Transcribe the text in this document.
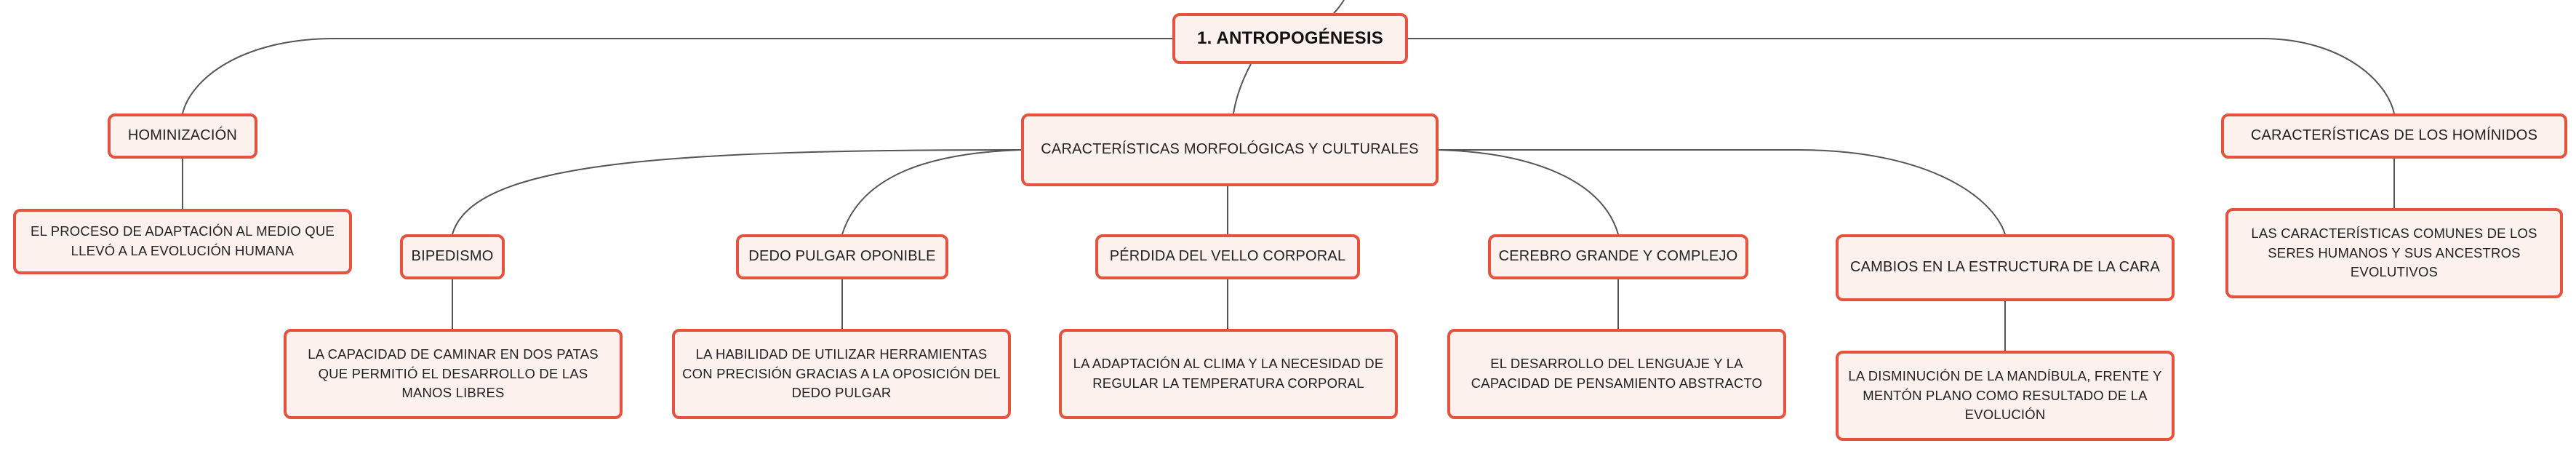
1. ANTROPOGÉNESIS
HOMINIZACIÓN
EL PROCESO DE ADAPTACIÓN AL MEDIO QUE LLEVÓ A LA EVOLUCIÓN HUMANA
CARACTERÍSTICAS MORFOLÓGICAS Y CULTURALES
CARACTERÍSTICAS DE LOS HOMÍNIDOS
LAS CARACTERÍSTICAS COMUNES DE LOS SERES HUMANOS Y SUS ANCESTROS EVOLUTIVOS
BIPEDISMO
LA CAPACIDAD DE CAMINAR EN DOS PATAS QUE PERMITIÓ EL DESARROLLO DE LAS MANOS LIBRES
DEDO PULGAR OPONIBLE
LA HABILIDAD DE UTILIZAR HERRAMIENTAS CON PRECISIÓN GRACIAS A LA OPOSICIÓN DEL DEDO PULGAR
PÉRDIDA DEL VELLO CORPORAL
LA ADAPTACIÓN AL CLIMA Y LA NECESIDAD DE REGULAR LA TEMPERATURA CORPORAL
CEREBRO GRANDE Y COMPLEJO
EL DESARROLLO DEL LENGUAJE Y LA CAPACIDAD DE PENSAMIENTO ABSTRACTO
CAMBIOS EN LA ESTRUCTURA DE LA CARA
LA DISMINUCIÓN DE LA MANDÍBULA, FRENTE Y MENTÓN PLANO COMO RESULTADO DE LA EVOLUCIÓN
